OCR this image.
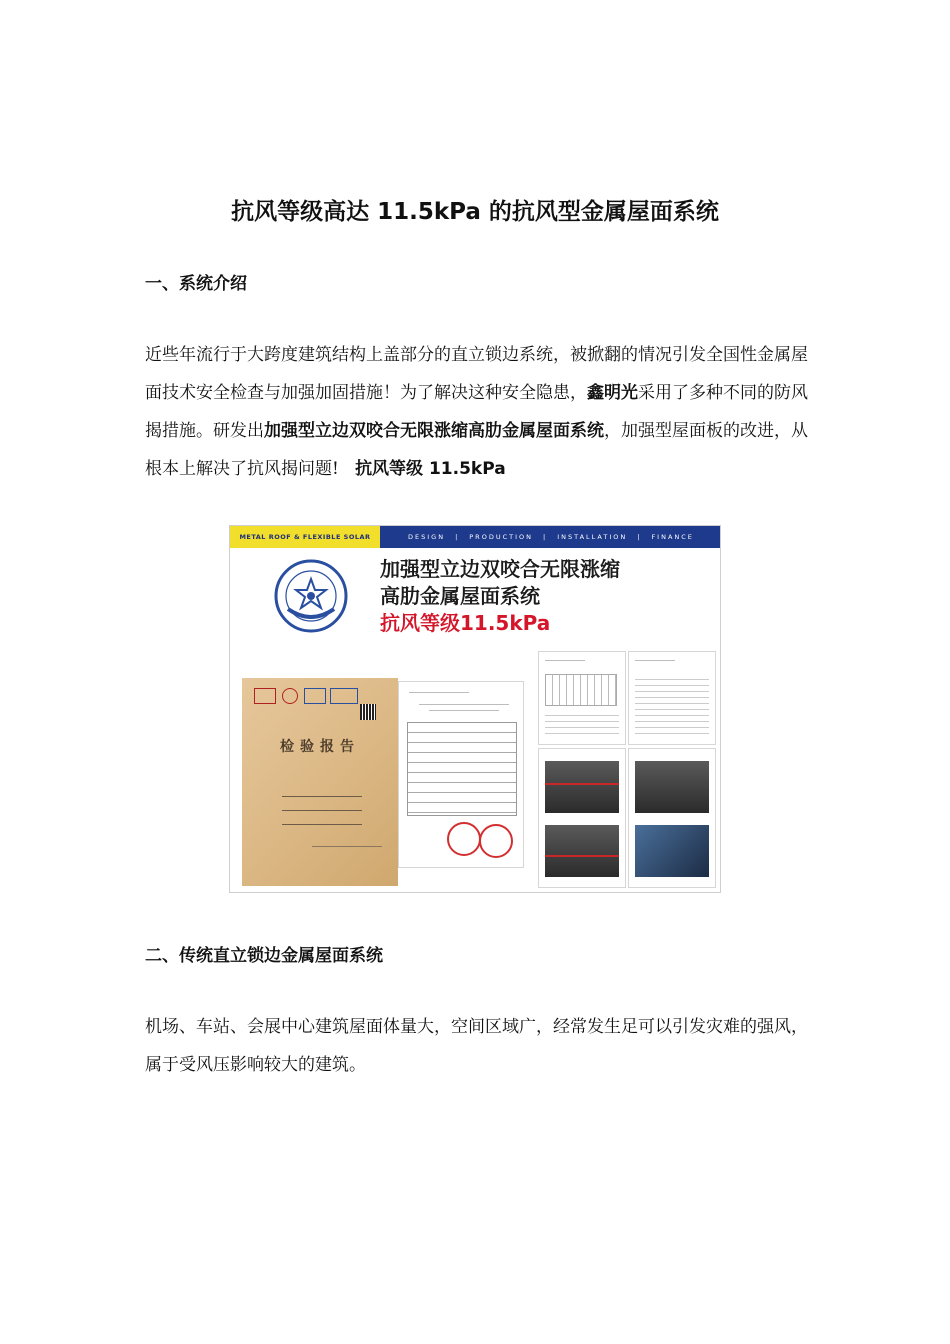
抗风等级高达 11.5kPa 的抗风型金属屋面系统
一、系统介绍

近些年流行于大跨度建筑结构上盖部分的直立锁边系统，被掀翻的情况引发全国性金属屋面技术安全检查与加强加固措施！为了解决这种安全隐患，鑫明光采用了多种不同的防风揭措施。研发出加强型立边双咬合无限涨缩高肋金属屋面系统，加强型屋面板的改进，从根本上解决了抗风揭问题! 抗风等级 11.5kPa

METAL ROOF & FLEXIBLE SOLAR	DESIGN | PRODUCTION | INSTALLATION | FINANCE
加强型立边双咬合无限涨缩
高肋金属屋面系统
抗风等级11.5kPa
检验报告
二、传统直立锁边金属屋面系统

机场、车站、会展中心建筑屋面体量大，空间区域广，经常发生足可以引发灾难的强风，属于受风压影响较大的建筑。
